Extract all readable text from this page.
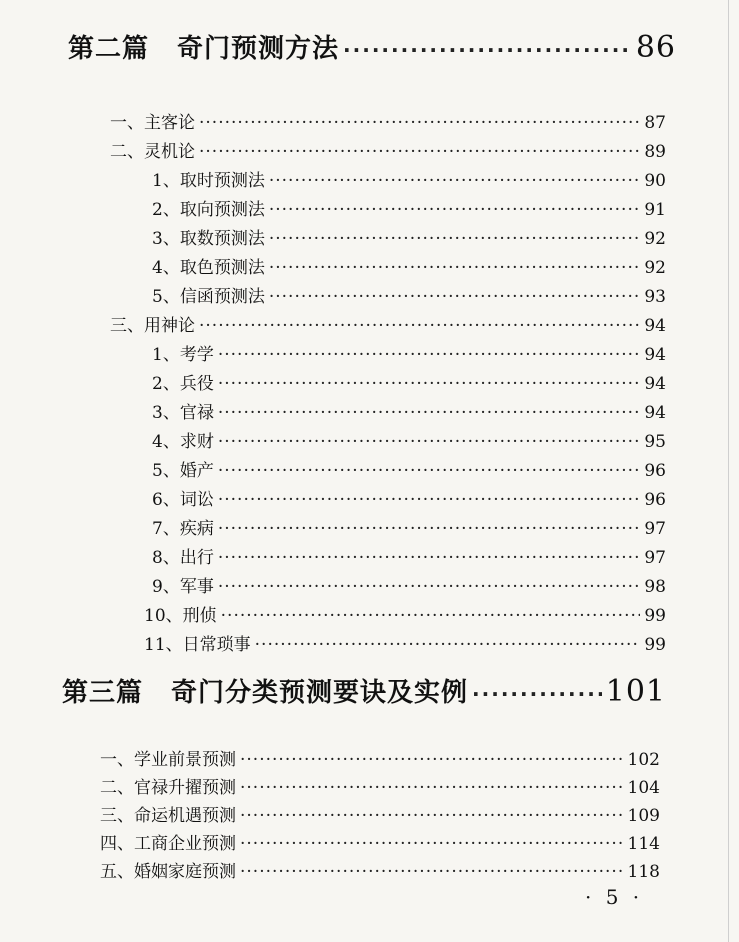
第二篇 奇门预测方法 ·····	86
一、主客论 ·····	87
二、灵机论 ·····	89
1、取时预测法 ·····	90
2、取向预测法 ·····	91
3、取数预测法 ·····	92
4、取色预测法 ·····	92
5、信函预测法 ·····	93
三、用神论 ·····	94
1、考学 ·····	94
2、兵役 ·····	94
3、官禄 ·····	94
4、求财 ·····	95
5、婚产 ·····	96
6、词讼 ·····	96
7、疾病 ·····	97
8、出行 ·····	97
9、军事 ·····	98
10、刑侦 ·····	99
11、日常琐事 ·····	99
第三篇 奇门分类预测要诀及实例 ·····	101
一、学业前景预测 ·····	102
二、官禄升擢预测 ·····	104
三、命运机遇预测 ·····	109
四、工商企业预测 ·····	114
五、婚姻家庭预测 ·····	118
· 5 ·
